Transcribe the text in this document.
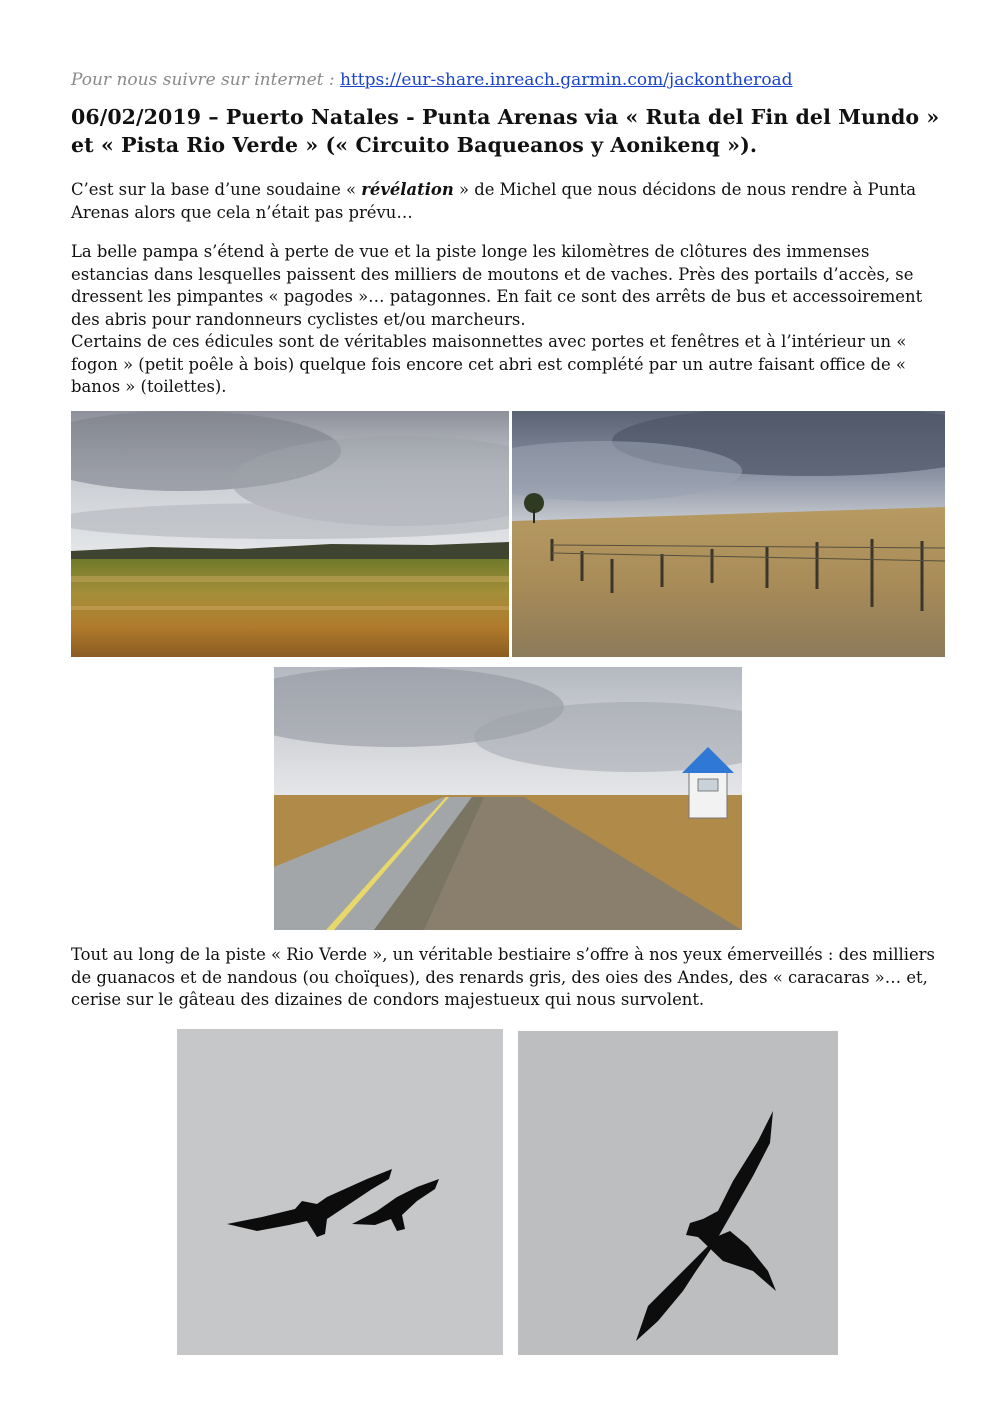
Pour nous suivre sur internet : https://eur-share.inreach.garmin.com/jackontheroad
06/02/2019 – Puerto Natales - Punta Arenas via « Ruta del Fin del Mundo » et « Pista Rio Verde » (« Circuito Baqueanos y Aonikenq »).

C’est sur la base d’une soudaine « révélation » de Michel que nous décidons de nous rendre à Punta Arenas alors que cela n’était pas prévu…

La belle pampa s’étend à perte de vue et la piste longe les kilomètres de clôtures des immenses estancias dans lesquelles paissent des milliers de moutons et de vaches. Près des portails d’accès, se dressent les pimpantes « pagodes »… patagonnes. En fait ce sont des arrêts de bus et accessoirement des abris pour randonneurs cyclistes et/ou marcheurs.
Certains de ces édicules sont de véritables maisonnettes avec portes et fenêtres et à l’intérieur un « fogon » (petit poêle à bois) quelque fois encore cet abri est complété par un autre faisant office de « banos » (toilettes).

Tout au long de la piste « Rio Verde », un véritable bestiaire s’offre à nos yeux émerveillés : des milliers de guanacos et de nandous (ou choïques), des renards gris, des oies des Andes, des « caracaras »… et, cerise sur le gâteau des dizaines de condors majestueux qui nous survolent.
